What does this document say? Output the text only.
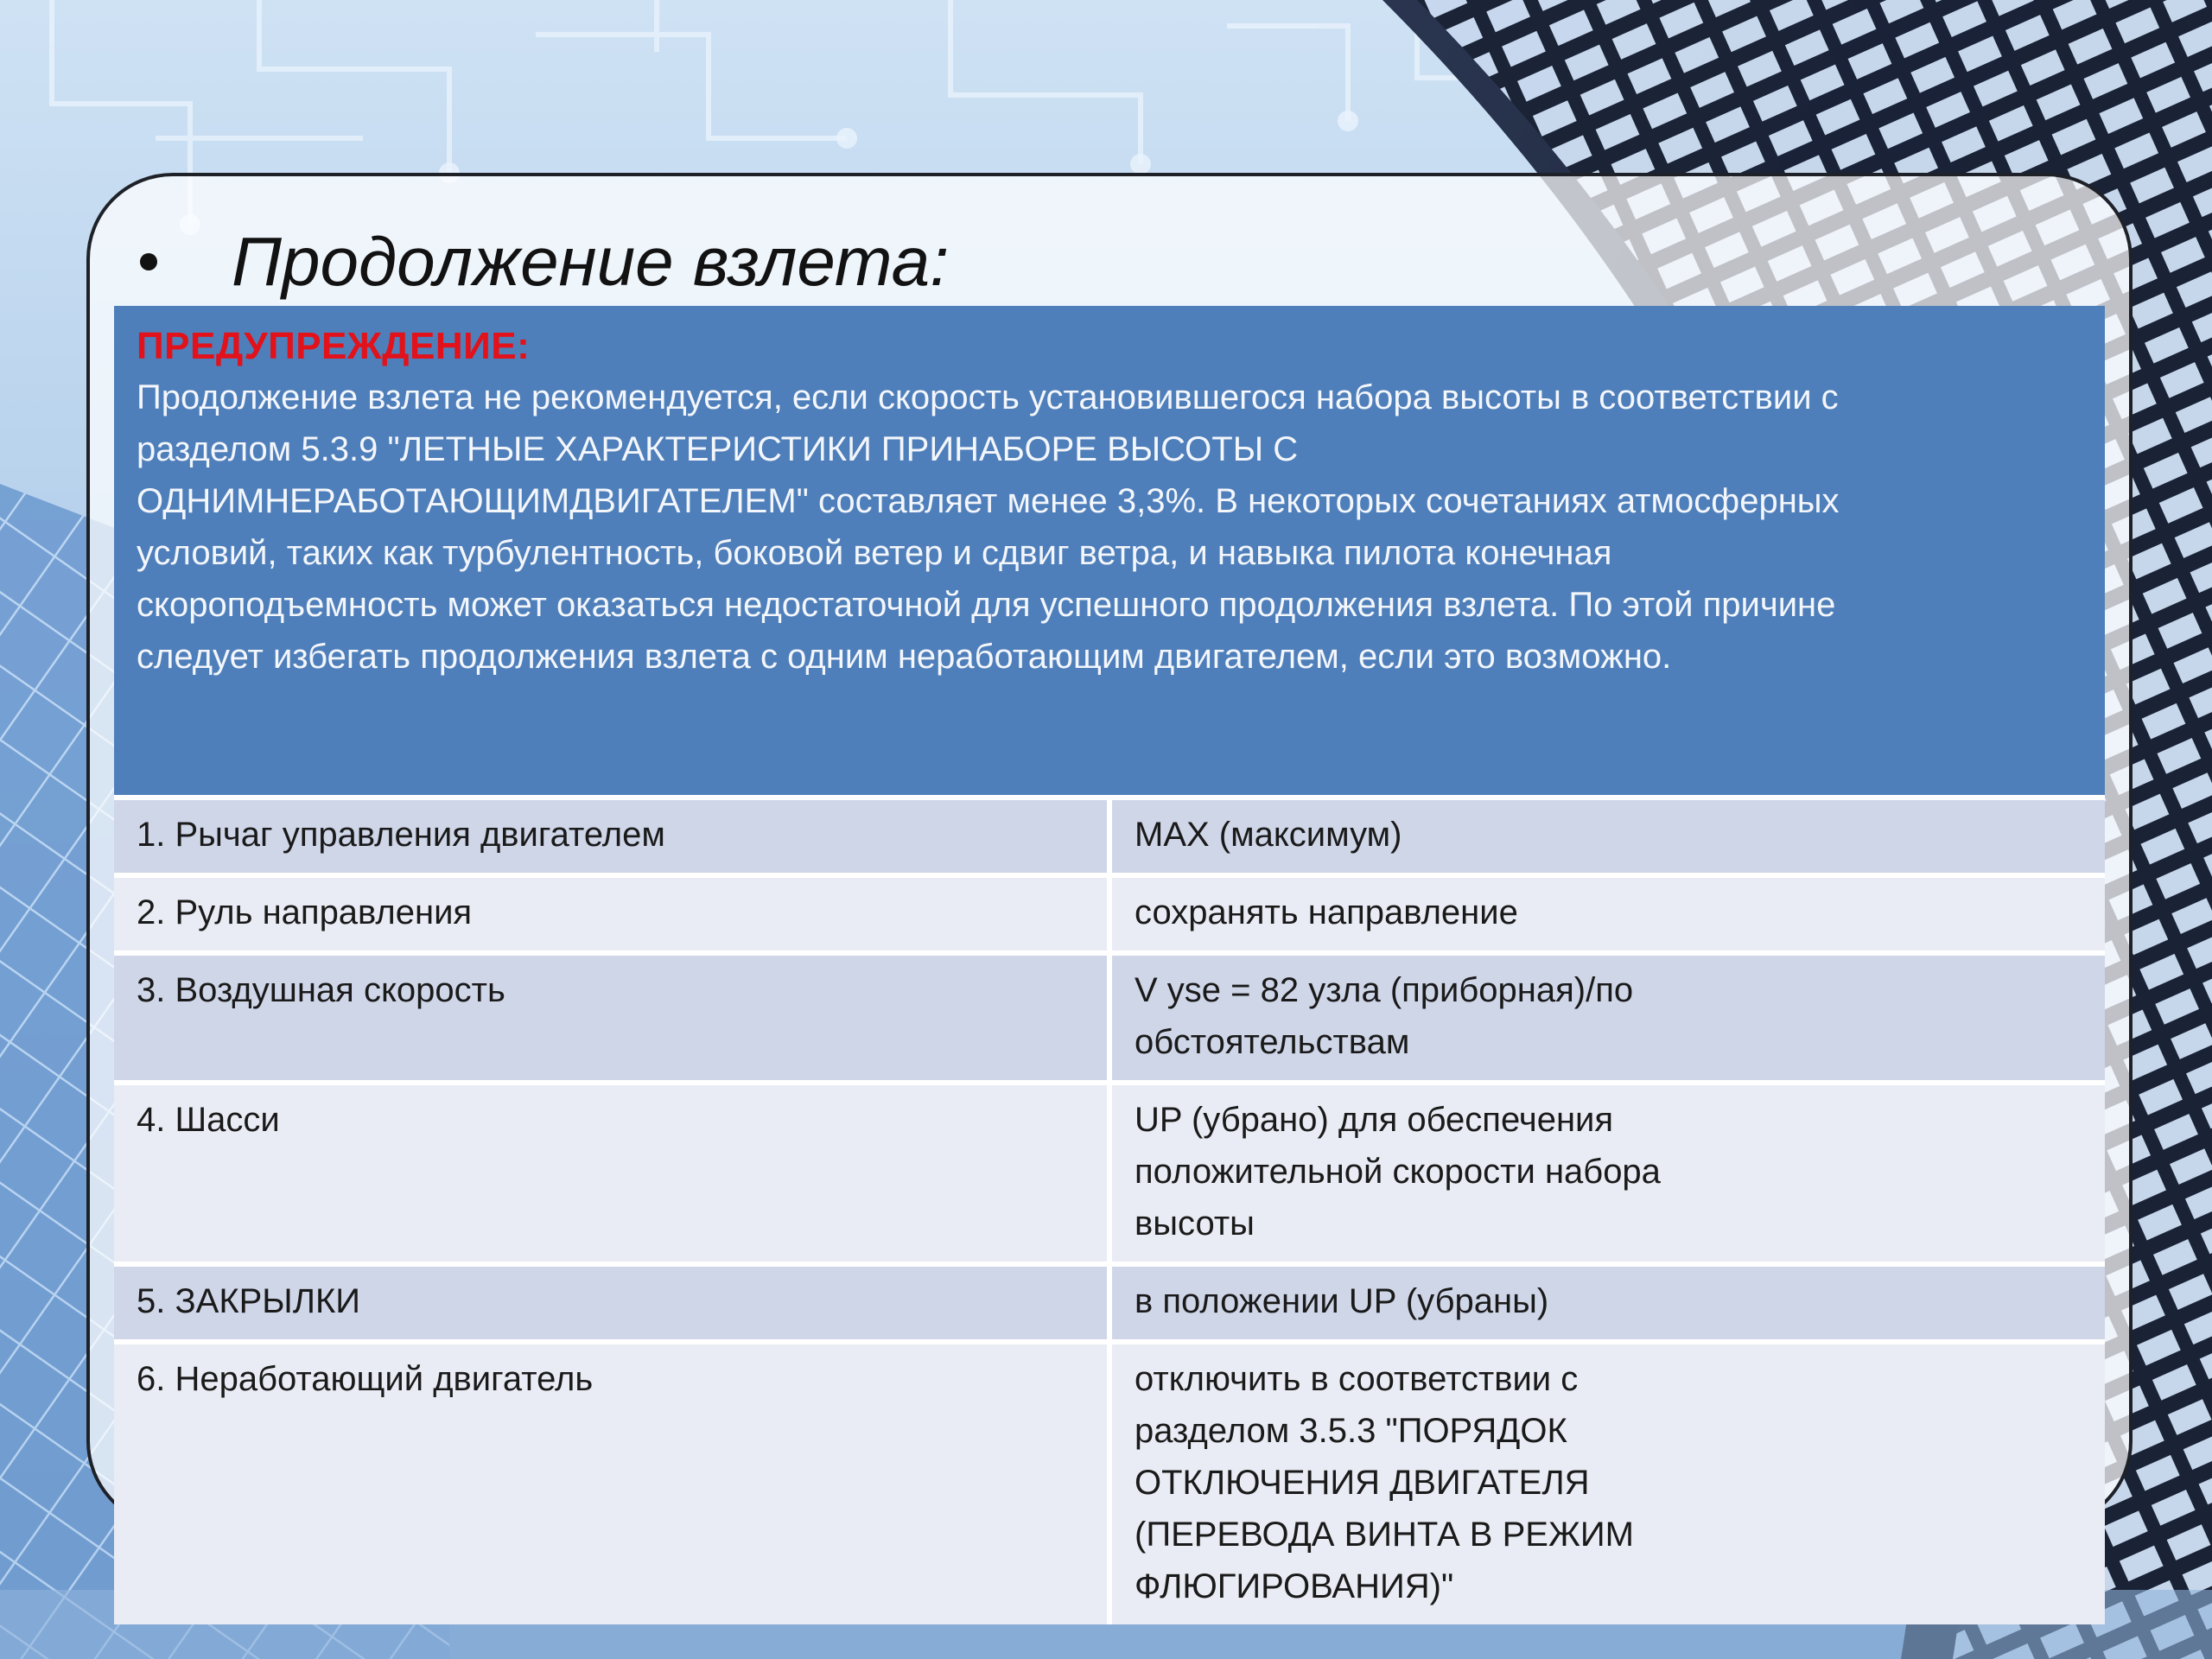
Продолжение взлета:
ПРЕДУПРЕЖДЕНИЕ:
Продолжение взлета не рекомендуется, если скорость установившегося набора высоты в соответствии с
разделом 5.3.9 "ЛЕТНЫЕ ХАРАКТЕРИСТИКИ ПРИНАБОРЕ ВЫСОТЫ С
ОДНИМНЕРАБОТАЮЩИМДВИГАТЕЛЕМ" составляет менее 3,3%. В некоторых сочетаниях атмосферных
условий, таких как турбулентность, боковой ветер и сдвиг ветра, и навыка пилота конечная
скороподъемность может оказаться недостаточной для успешного продолжения взлета. По этой причине
следует избегать продолжения взлета с одним неработающим двигателем, если это возможно.
1. Рычаг управления двигателем	MAX (максимум)
2. Руль направления	сохранять направление
3. Воздушная скорость	V yse = 82 узла (приборная)/по обстоятельствам
4. Шасси	UP (убрано) для обеспечения положительной скорости набора высоты
5. ЗАКРЫЛКИ	в положении UP (убраны)
6. Неработающий двигатель	отключить в соответствии с разделом 3.5.3 "ПОРЯДОК ОТКЛЮЧЕНИЯ ДВИГАТЕЛЯ (ПЕРЕВОДА ВИНТА В РЕЖИМ ФЛЮГИРОВАНИЯ)"
